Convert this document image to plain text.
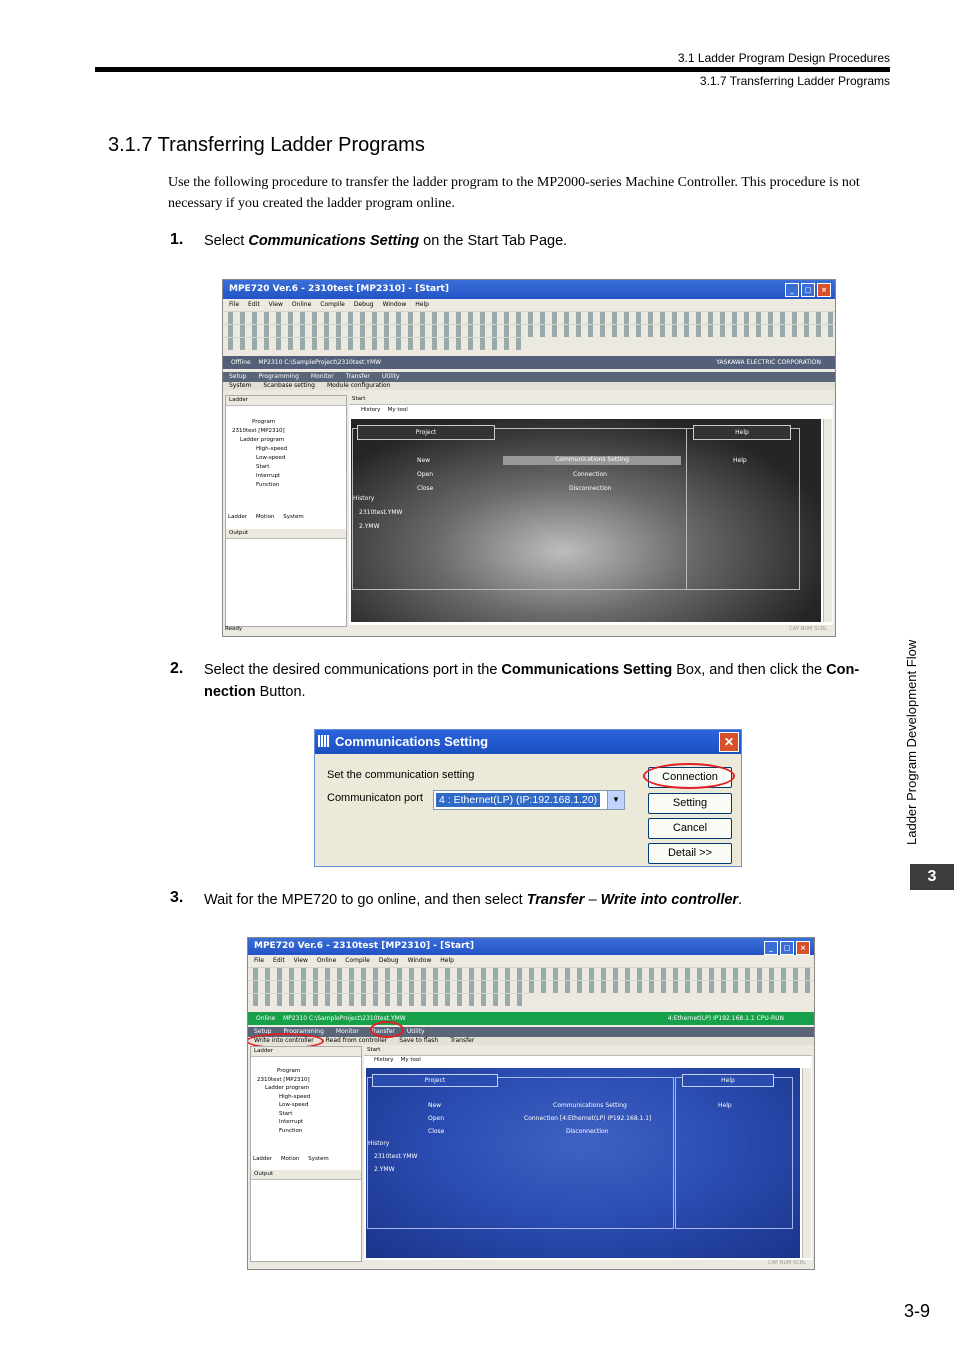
3.1 Ladder Program Design Procedures
3.1.7 Transferring Ladder Programs
3.1.7 Transferring Ladder Programs
Use the following procedure to transfer the ladder program to the MP2000-series Machine Controller. This procedure is not necessary if you created the ladder program online.
1. Select Communications Setting on the Start Tab Page.
MPE720 Ver.6 - 2310test [MP2310] - [Start]	_ □ ×
File Edit View Online Compile Debug Window Help
Offline MP2310 C:\SampleProject\2310test.YMW	YASKAWA ELECTRIC CORPORATION
Setup Programming Monitor Transfer Utility
System Scanbase setting Module configuration
Ladder
Program
2310test [MP2310]
Ladder program
High-speed
Low-speed
Start
Interrupt
Function
Ladder Motion System
Output
Start
History My tool
Project	Help
New
Open
Close
Communications Setting
Connection
Disconnection
Help
History
2310test.YMW
2.YMW
Ready	CAP NUM SCRL
2. Select the desired communications port in the Communications Setting Box, and then click the Con-nection Button.
Communications Setting	✕
Set the communication setting
Communicaton port 4 : Ethernet(LP) (IP:192.168.1.20)	▼
Connection
Setting
Cancel
Detail >>
3. Wait for the MPE720 to go online, and then select Transfer – Write into controller.
MPE720 Ver.6 - 2310test [MP2310] - [Start]	_ □ ×
File Edit View Online Compile Debug Window Help
Online MP2310 C:\SampleProject\2310test.YMW	4:Ethernet(LP) IP192.168.1.1 CPU-RUN
Setup Programming Monitor Transfer Utility
Write into controller Read from controller Save to flash Transfer
Ladder
Program
2310test [MP2310]
Ladder program
High-speed
Low-speed
Start
Interrupt
Function
Ladder Motion System
Output
Start
History My tool
Project	Help
New
Open
Close
Communications Setting
Connection [4:Ethernet(LP) IP192.168.1.1]
Disconnection
Help
History
2310test.YMW
2.YMW
CAP NUM SCRL
Ladder Program Development Flow
3
3-9
